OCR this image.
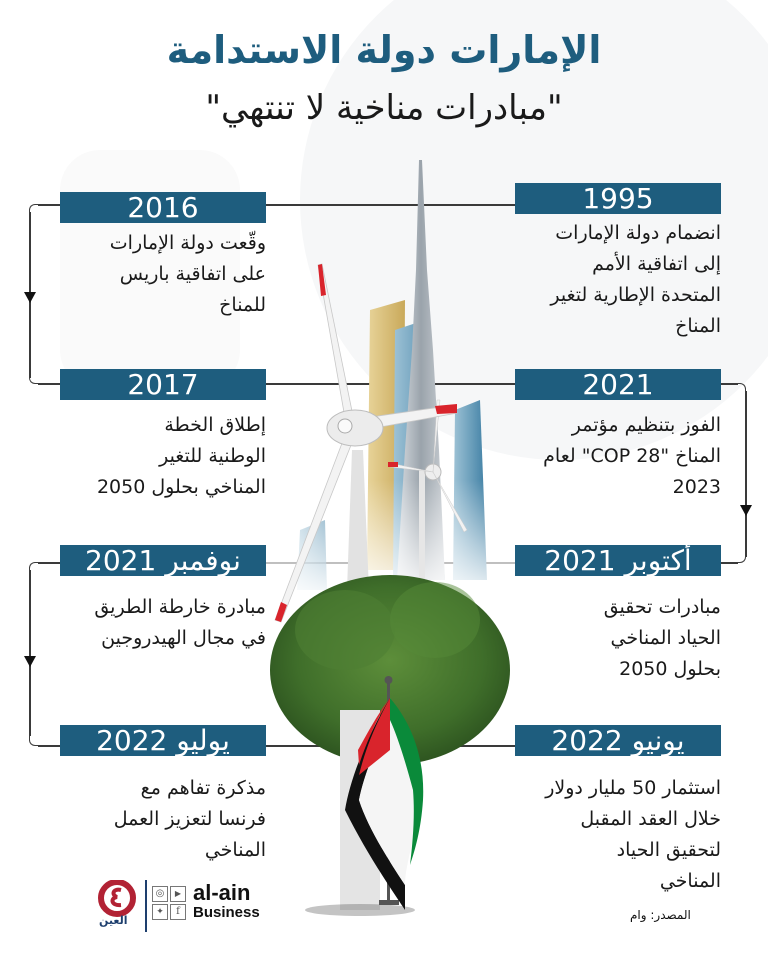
الإمارات دولة الاستدامة
"مبادرات مناخية لا تنتهي"
2016
وقّعت دولة الإمارات
على اتفاقية باريس
للمناخ
2017
إطلاق الخطة
الوطنية للتغير
المناخي بحلول 2050
نوفمبر 2021
مبادرة خارطة الطريق
في مجال الهيدروجين
يوليو 2022
مذكرة تفاهم مع
فرنسا لتعزيز العمل
المناخي
1995
انضمام دولة الإمارات
إلى اتفاقية الأمم
المتحدة الإطارية لتغير
المناخ
2021
الفوز بتنظيم مؤتمر
المناخ "COP 28" لعام
2023
أكتوبر 2021
مبادرات تحقيق
الحياد المناخي
بحلول 2050
يونيو 2022
استثمار 50 مليار دولار
خلال العقد المقبل
لتحقيق الحياد
المناخي
العين
◎	▶
✦	f
al-ain
Business	المصدر: وام
